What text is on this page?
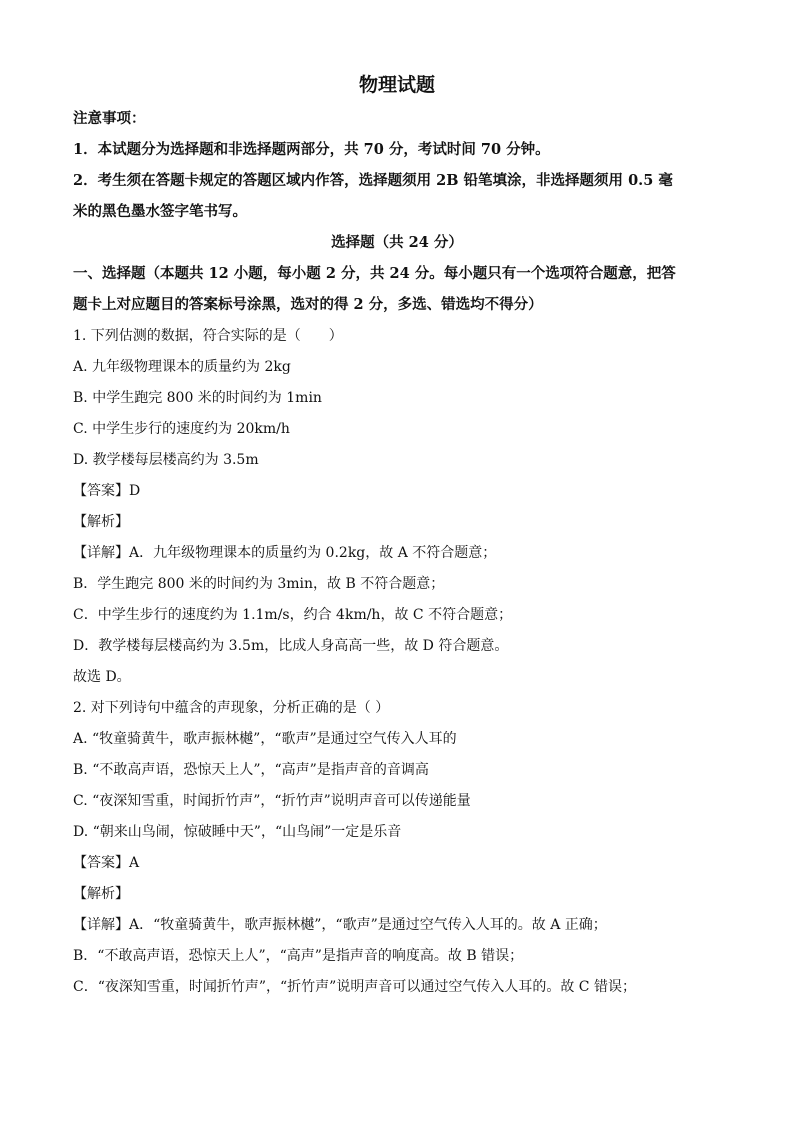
物理试题
注意事项：
1．本试题分为选择题和非选择题两部分，共 70 分，考试时间 70 分钟。
2．考生须在答题卡规定的答题区域内作答，选择题须用 2B 铅笔填涂，非选择题须用 0.5 毫
米的黑色墨水签字笔书写。
选择题（共 24 分）
一、选择题（本题共 12 小题，每小题 2 分，共 24 分。每小题只有一个选项符合题意，把答
题卡上对应题目的答案标号涂黑，选对的得 2 分，多选、错选均不得分）
1. 下列估测的数据，符合实际的是（　　）
A. 九年级物理课本的质量约为 2kg
B. 中学生跑完 800 米的时间约为 1min
C. 中学生步行的速度约为 20km/h
D. 教学楼每层楼高约为 3.5m
【答案】D
【解析】
【详解】A．九年级物理课本的质量约为 0.2kg，故 A 不符合题意；
B．学生跑完 800 米的时间约为 3min，故 B 不符合题意；
C．中学生步行的速度约为 1.1m/s，约合 4km/h，故 C 不符合题意；
D．教学楼每层楼高约为 3.5m，比成人身高高一些，故 D 符合题意。
故选 D。
2. 对下列诗句中蕴含的声现象，分析正确的是（ ）
A. “牧童骑黄牛，歌声振林樾”，“歌声”是通过空气传入人耳的
B. “不敢高声语，恐惊天上人”，“高声”是指声音的音调高
C. “夜深知雪重，时闻折竹声”，“折竹声”说明声音可以传递能量
D. “朝来山鸟闹，惊破睡中天”，“山鸟闹”一定是乐音
【答案】A
【解析】
【详解】A．“牧童骑黄牛，歌声振林樾”，“歌声”是通过空气传入人耳的。故 A 正确；
B．“不敢高声语，恐惊天上人”，“高声”是指声音的响度高。故 B 错误；
C．“夜深知雪重，时闻折竹声”，“折竹声”说明声音可以通过空气传入人耳的。故 C 错误；
